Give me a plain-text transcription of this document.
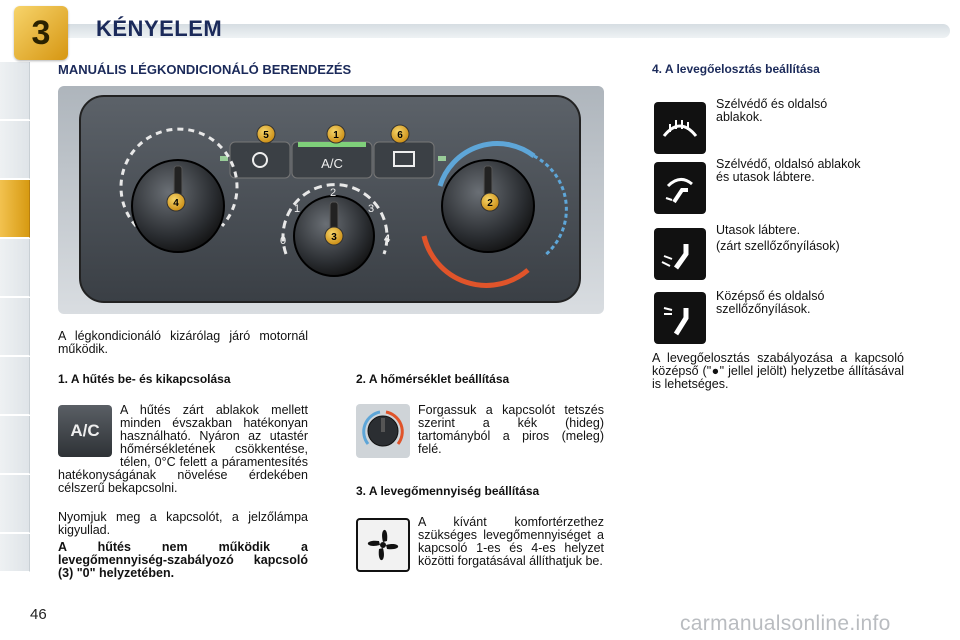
3 KÉNYELEM
MANUÁLIS LÉGKONDICIONÁLÓ BERENDEZÉS	4. A levegőelosztás beállítása
A/C
0
1
2
3
4
5	1	6
4	2
3
A légkondicionáló kizárólag járó motornál működik.
1. A hűtés be- és kikapcsolása
A/C
A hűtés zárt ablakok mellett minden évszakban hatékonyan használható. Nyáron az utastér hőmérsékletének csökkentése, télen, 0°C felett a páramentesítés hatékonyságának növelése érdekében célszerű bekapcsolni.
Nyomjuk meg a kapcsolót, a jelzőlámpa kigyullad.
A hűtés nem működik a levegőmennyiség-szabályozó kapcsoló (3) "0" helyzetében.
2. A hőmérséklet beállítása
Forgassuk a kapcsolót tetszés szerint a kék (hideg) tartományból a piros (meleg) felé.
3. A levegőmennyiség beállítása
A kívánt komfortérzethez szükséges levegőmennyiséget a kapcsoló 1-es és 4-es helyzet közötti forgatásával állíthatjuk be.
Szélvédő és oldalsó
ablakok.
Szélvédő, oldalsó ablakok
és utasok lábtere.
Utasok lábtere.
(zárt szellőzőnyílások)
Középső és oldalsó
szellőzőnyílások.
A levegőelosztás szabályozása a kapcsoló középső ("●" jellel jelölt) helyzetbe állításával is lehetséges.
46	carmanualsonline.info
